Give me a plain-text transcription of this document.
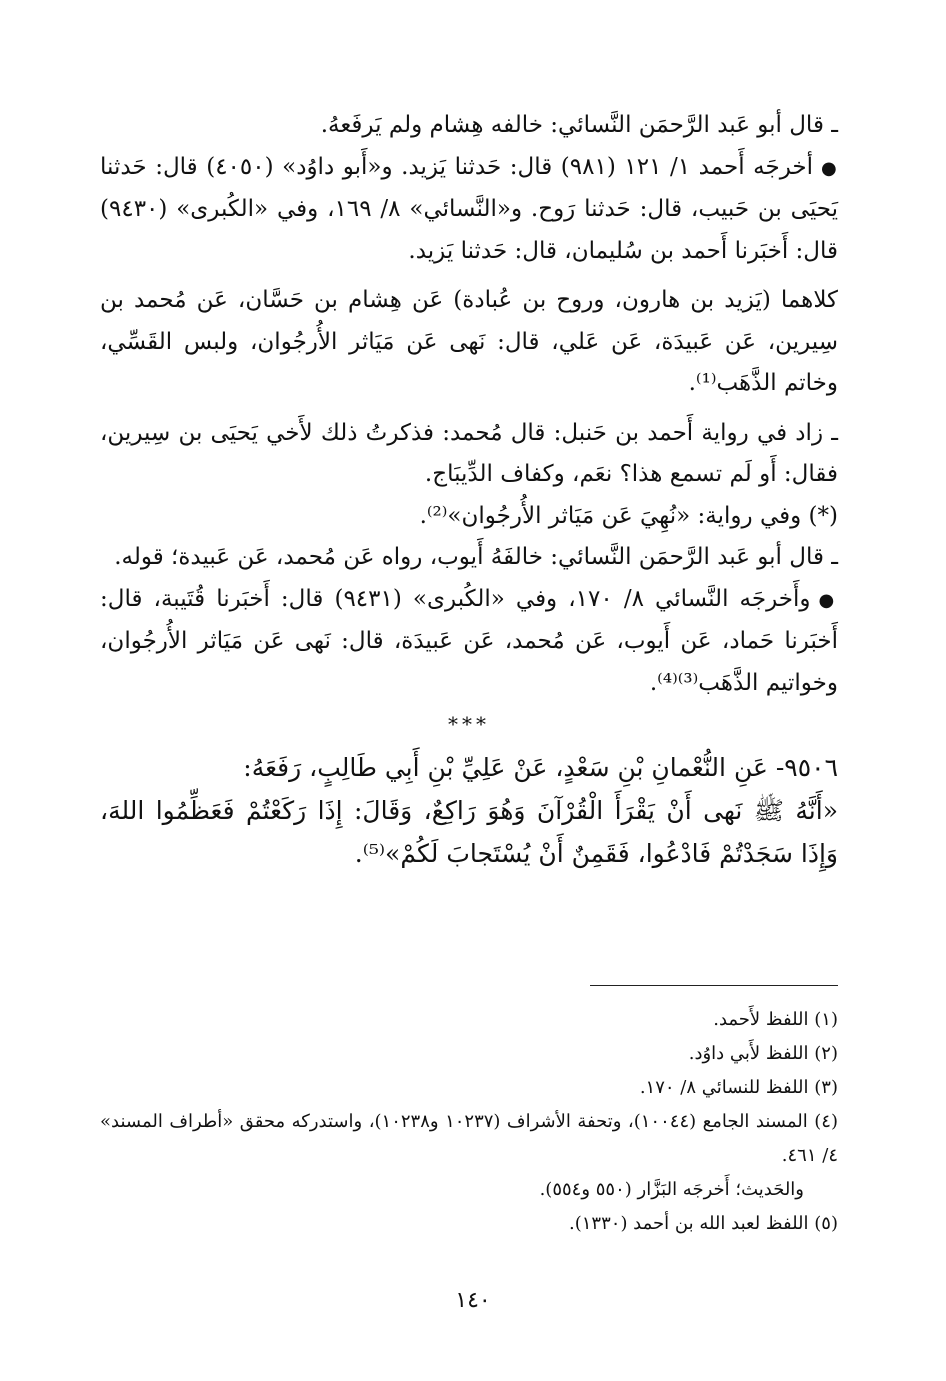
ـ قال أبو عَبد الرَّحمَن النَّسائي: خالفه هِشام ولم يَرفَعهُ.

●أخرجَه أَحمد ١/ ١٢١ (٩٨١) قال: حَدثنا يَزيد. و«أَبو داوُد» (٤٠٥٠) قال: حَدثنا يَحيَى بن حَبيب، قال: حَدثنا رَوح. و«النَّسائي» ٨/ ١٦٩، وفي «الكُبرى» (٩٤٣٠) قال: أَخبَرنا أَحمد بن سُليمان، قال: حَدثنا يَزيد.

كلاهما (يَزيد بن هارون، وروح بن عُبادة) عَن هِشام بن حَسَّان، عَن مُحمد بن سِيرين، عَن عَبيدَة، عَن عَلي، قال: نَهى عَن مَيَاثر الأُرجُوان، ولبس القَسِّي، وخاتم الذَّهَب⁽¹⁾.

ـ زاد في رواية أَحمد بن حَنبل: قال مُحمد: فذكرتُ ذلك لأَخي يَحيَى بن سِيرين، فقال: أَو لَم تسمع هذا؟ نعَم، وكفاف الدِّيبَاج.

(*) وفي رواية: «نُهِيَ عَن مَيَاثر الأُرجُوان»⁽²⁾.

ـ قال أبو عَبد الرَّحمَن النَّسائي: خالفَهُ أَيوب، رواه عَن مُحمد، عَن عَبيدة؛ قوله.

●وأَخرجَه النَّسائي ٨/ ١٧٠، وفي «الكُبرى» (٩٤٣١) قال: أَخبَرنا قُتَيبة، قال: أَخبَرنا حَماد، عَن أَيوب، عَن مُحمد، عَن عَبيدَة، قال: نَهى عَن مَيَاثر الأُرجُوان، وخواتيم الذَّهَب⁽³⁾⁽⁴⁾.

***

٩٥٠٦- عَنِ النُّعْمانِ بْنِ سَعْدٍ، عَنْ عَلِيِّ بْنِ أَبِي طَالِبٍ، رَفَعَهُ:

«أَنَّهُ ﷺ نَهى أَنْ يَقْرَأَ الْقُرْآنَ وَهُوَ رَاكِعٌ، وَقَالَ: إِذَا رَكَعْتُمْ فَعَظِّمُوا اللهَ، وَإِذَا سَجَدْتُمْ فَادْعُوا، فَقَمِنٌ أَنْ يُسْتَجابَ لَكُمْ»⁽⁵⁾.

(١) اللفظ لأَحمد.

(٢) اللفظ لأَبي داوُد.

(٣) اللفظ للنسائي ٨/ ١٧٠.

(٤) المسند الجامع (١٠٠٤٤)، وتحفة الأشراف (١٠٢٣٧ و١٠٢٣٨)، واستدركه محقق «أطراف المسند» ٤/ ٤٦١.

والحَديث؛ أَخرجَه البَزَّار (٥٥٠ و٥٥٤).

(٥) اللفظ لعبد الله بن أحمد (١٣٣٠).

١٤٠
